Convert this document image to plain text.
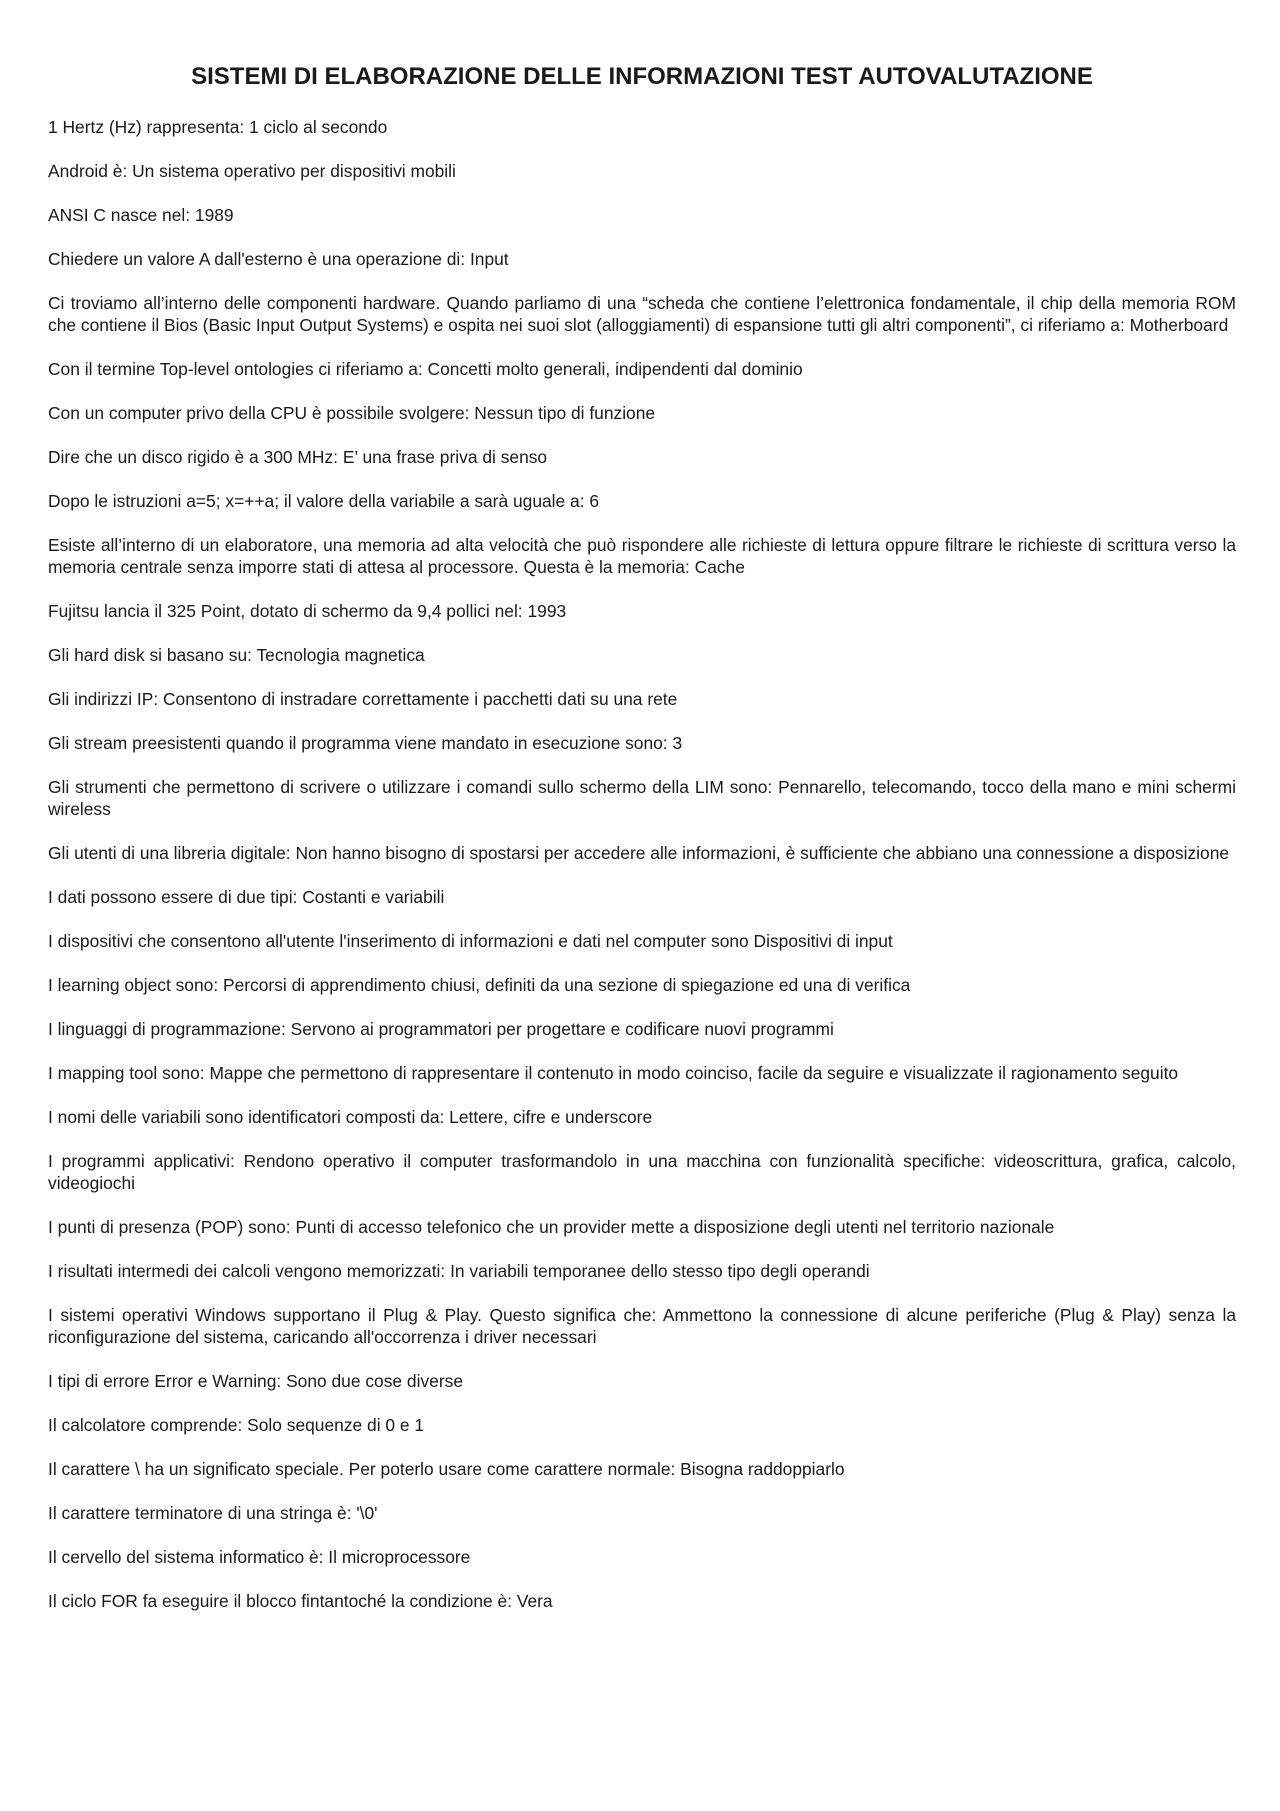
SISTEMI DI ELABORAZIONE DELLE INFORMAZIONI TEST AUTOVALUTAZIONE
1 Hertz (Hz) rappresenta: 1 ciclo al secondo
Android è: Un sistema operativo per dispositivi mobili
ANSI C nasce nel: 1989
Chiedere un valore A dall'esterno è una operazione di: Input
Ci troviamo all’interno delle componenti hardware. Quando parliamo di una “scheda che contiene l’elettronica fondamentale, il chip della memoria ROM che contiene il Bios (Basic Input Output Systems) e ospita nei suoi slot (alloggiamenti) di espansione tutti gli altri componenti”, ci riferiamo a: Motherboard
Con il termine Top-level ontologies ci riferiamo a: Concetti molto generali, indipendenti dal dominio
Con un computer privo della CPU è possibile svolgere: Nessun tipo di funzione
Dire che un disco rigido è a 300 MHz: E’ una frase priva di senso
Dopo le istruzioni a=5; x=++a; il valore della variabile a sarà uguale a: 6
Esiste all’interno di un elaboratore, una memoria ad alta velocità che può rispondere alle richieste di lettura oppure filtrare le richieste di scrittura verso la memoria centrale senza imporre stati di attesa al processore. Questa è la memoria: Cache
Fujitsu lancia il 325 Point, dotato di schermo da 9,4 pollici nel: 1993
Gli hard disk si basano su: Tecnologia magnetica
Gli indirizzi IP: Consentono di instradare correttamente i pacchetti dati su una rete
Gli stream preesistenti quando il programma viene mandato in esecuzione sono: 3
Gli strumenti che permettono di scrivere o utilizzare i comandi sullo schermo della LIM sono: Pennarello, telecomando, tocco della mano e mini schermi wireless
Gli utenti di una libreria digitale: Non hanno bisogno di spostarsi per accedere alle informazioni, è sufficiente che abbiano una connessione a disposizione
I dati possono essere di due tipi: Costanti e variabili
I dispositivi che consentono all'utente l'inserimento di informazioni e dati nel computer sono Dispositivi di input
I learning object sono: Percorsi di apprendimento chiusi, definiti da una sezione di spiegazione ed una di verifica
I linguaggi di programmazione: Servono ai programmatori per progettare e codificare nuovi programmi
I mapping tool sono: Mappe che permettono di rappresentare il contenuto in modo coinciso, facile da seguire e visualizzate il ragionamento seguito
I nomi delle variabili sono identificatori composti da: Lettere, cifre e underscore
I programmi applicativi: Rendono operativo il computer trasformandolo in una macchina con funzionalità specifiche: videoscrittura, grafica, calcolo, videogiochi
I punti di presenza (POP) sono: Punti di accesso telefonico che un provider mette a disposizione degli utenti nel territorio nazionale
I risultati intermedi dei calcoli vengono memorizzati: In variabili temporanee dello stesso tipo degli operandi
I sistemi operativi Windows supportano il Plug & Play. Questo significa che: Ammettono la connessione di alcune periferiche (Plug & Play) senza la riconfigurazione del sistema, caricando all'occorrenza i driver necessari
I tipi di errore Error e Warning: Sono due cose diverse
Il calcolatore comprende: Solo sequenze di 0 e 1
Il carattere \ ha un significato speciale. Per poterlo usare come carattere normale: Bisogna raddoppiarlo
Il carattere terminatore di una stringa è: '\0'
Il cervello del sistema informatico è: Il microprocessore
Il ciclo FOR fa eseguire il blocco fintantoché la condizione è: Vera
